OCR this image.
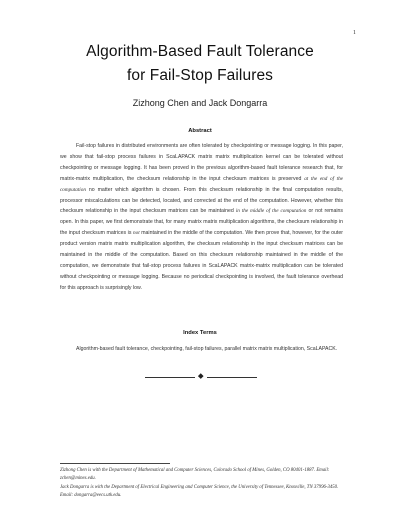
1
Algorithm-Based Fault Tolerance
for Fail-Stop Failures
Zizhong Chen and Jack Dongarra
Abstract

Fail-stop failures in distributed environments are often tolerated by checkpointing or message logging. In this paper, we show that fail-stop process failures in ScaLAPACK matrix matrix multiplication kernel can be tolerated without checkpointing or message logging. It has been proved in the previous algorithm-based fault tolerance research that, for matrix-matrix multiplication, the checksum relationship in the input checksum matrices is preserved at the end of the computation no matter which algorithm is chosen. From this checksum relationship in the final computation results, processor miscalculations can be detected, located, and corrected at the end of the computation. However, whether this checksum relationship in the input checksum matrices can be maintained in the middle of the computation or not remains open. In this paper, we first demonstrate that, for many matrix matrix multiplication algorithms, the checksum relationship in the input checksum matrices is not maintained in the middle of the computation. We then prove that, however, for the outer product version matrix matrix multiplication algorithm, the checksum relationship in the input checksum matrices can be maintained in the middle of the computation. Based on this checksum relationship maintained in the middle of the computation, we demonstrate that fail-stop process failures in ScaLAPACK matrix-matrix multiplication can be tolerated without checkpointing or message logging. Because no periodical checkpointing is involved, the fault tolerance overhead for this approach is surprisingly low.

Index Terms

Algorithm-based fault tolerance, checkpointing, fail-stop failures, parallel matrix matrix multiplication, ScaLAPACK.

Zizhong Chen is with the Department of Mathematical and Computer Sciences, Colorado School of Mines, Golden, CO 80401-1887. Email: zchen@mines.edu.

Jack Dongarra is with the Department of Electrical Engineering and Computer Science, the University of Tennessee, Knoxville, TN 37996-3450. Email: dongarra@eecs.utk.edu.
